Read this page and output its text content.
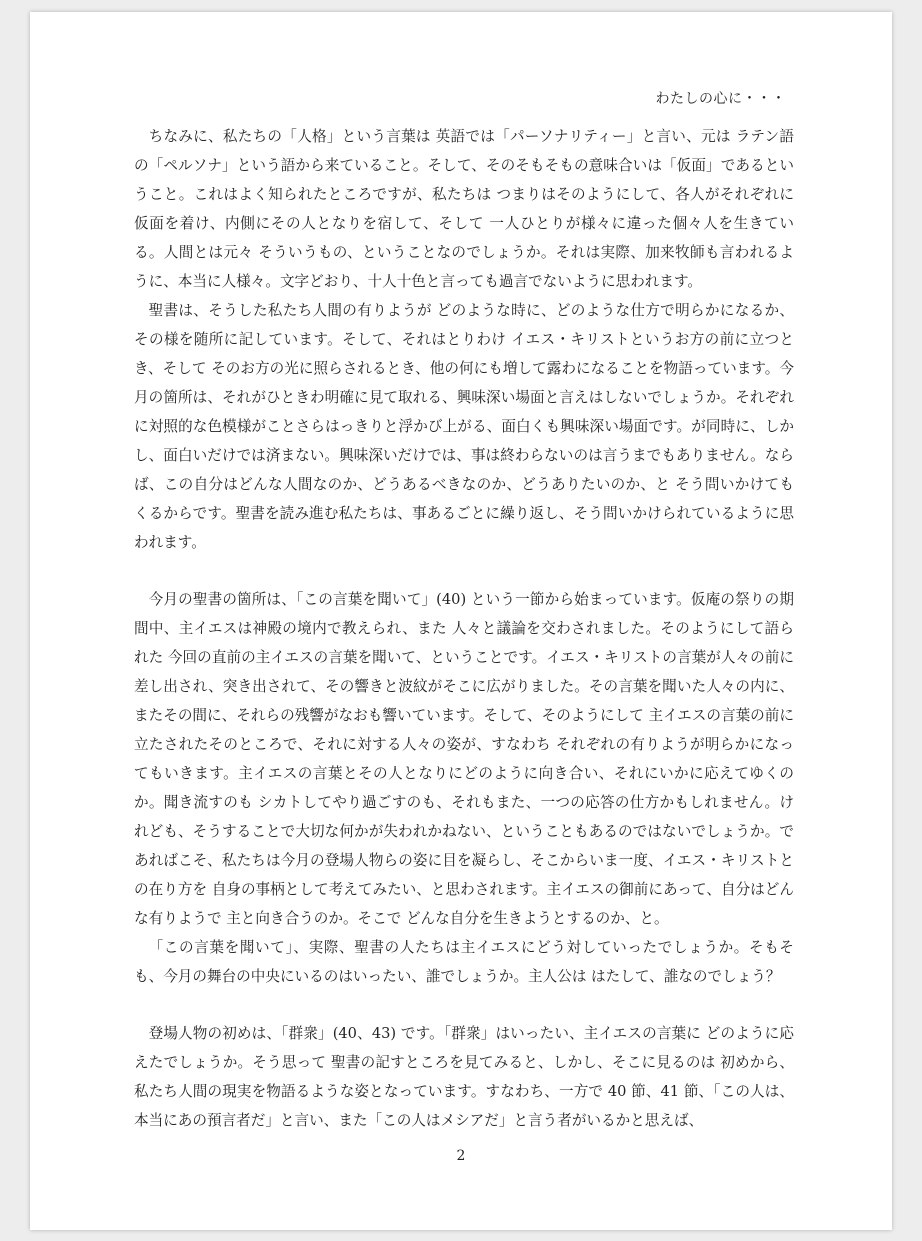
わたしの心に・・・

ちなみに、私たちの「人格」という言葉は 英語では「パーソナリティー」と言い、元は ラテン語の「ペルソナ」という語から来ていること。そして、そのそもそもの意味合いは「仮面」であるということ。これはよく知られたところですが、私たちは つまりはそのようにして、各人がそれぞれに仮面を着け、内側にその人となりを宿して、そして 一人ひとりが様々に違った個々人を生きている。人間とは元々 そういうもの、ということなのでしょうか。それは実際、加来牧師も言われるように、本当に人様々。文字どおり、十人十色と言っても過言でないように思われます。

聖書は、そうした私たち人間の有りようが どのような時に、どのような仕方で明らかになるか、その様を随所に記しています。そして、それはとりわけ イエス・キリストというお方の前に立つとき、そして そのお方の光に照らされるとき、他の何にも増して露わになることを物語っています。今月の箇所は、それがひときわ明確に見て取れる、興味深い場面と言えはしないでしょうか。それぞれに対照的な色模様がことさらはっきりと浮かび上がる、面白くも興味深い場面です。が同時に、しかし、面白いだけでは済まない。興味深いだけでは、事は終わらないのは言うまでもありません。ならば、この自分はどんな人間なのか、どうあるべきなのか、どうありたいのか、と そう問いかけてもくるからです。聖書を読み進む私たちは、事あるごとに繰り返し、そう問いかけられているように思われます。

今月の聖書の箇所は、「この言葉を聞いて」(40) という一節から始まっています。仮庵の祭りの期間中、主イエスは神殿の境内で教えられ、また 人々と議論を交わされました。そのようにして語られた 今回の直前の主イエスの言葉を聞いて、ということです。イエス・キリストの言葉が人々の前に差し出され、突き出されて、その響きと波紋がそこに広がりました。その言葉を聞いた人々の内に、またその間に、それらの残響がなおも響いています。そして、そのようにして 主イエスの言葉の前に立たされたそのところで、それに対する人々の姿が、すなわち それぞれの有りようが明らかになってもいきます。主イエスの言葉とその人となりにどのように向き合い、それにいかに応えてゆくのか。聞き流すのも シカトしてやり過ごすのも、それもまた、一つの応答の仕方かもしれません。けれども、そうすることで大切な何かが失われかねない、ということもあるのではないでしょうか。であればこそ、私たちは今月の登場人物らの姿に目を凝らし、そこからいま一度、イエス・キリストとの在り方を 自身の事柄として考えてみたい、と思わされます。主イエスの御前にあって、自分はどんな有りようで 主と向き合うのか。そこで どんな自分を生きようとするのか、と。

「この言葉を聞いて」、実際、聖書の人たちは主イエスにどう対していったでしょうか。そもそも、今月の舞台の中央にいるのはいったい、誰でしょうか。主人公は はたして、誰なのでしょう？

登場人物の初めは、「群衆」(40、43) です。「群衆」はいったい、主イエスの言葉に どのように応えたでしょうか。そう思って 聖書の記すところを見てみると、しかし、そこに見るのは 初めから、私たち人間の現実を物語るような姿となっています。すなわち、一方で 40 節、41 節、「この人は、本当にあの預言者だ」と言い、また「この人はメシアだ」と言う者がいるかと思えば、

2
